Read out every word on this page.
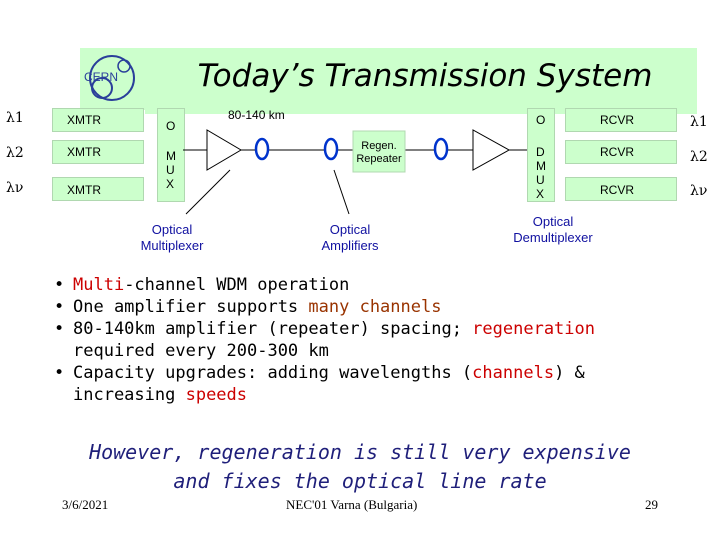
CERN	Today’s Transmission System
λ1
λ2
λν
XMTR
XMTR
XMTR
O
M
U
X
O
D
M
U
X
RCVR
RCVR
RCVR
λ1
λ2
λν
80-140 km
Regen.
Repeater
Optical
Multiplexer
Optical
Amplifiers
Optical
Demultiplexer
• Multi-channel WDM operation
• One amplifier supports many channels
• 80-140km amplifier (repeater) spacing; regeneration
required every 200-300 km
• Capacity upgrades: adding wavelengths (channels) &
increasing speeds
However, regeneration is still very expensive
and fixes the optical line rate
3/6/2021	NEC'01 Varna (Bulgaria)	29
